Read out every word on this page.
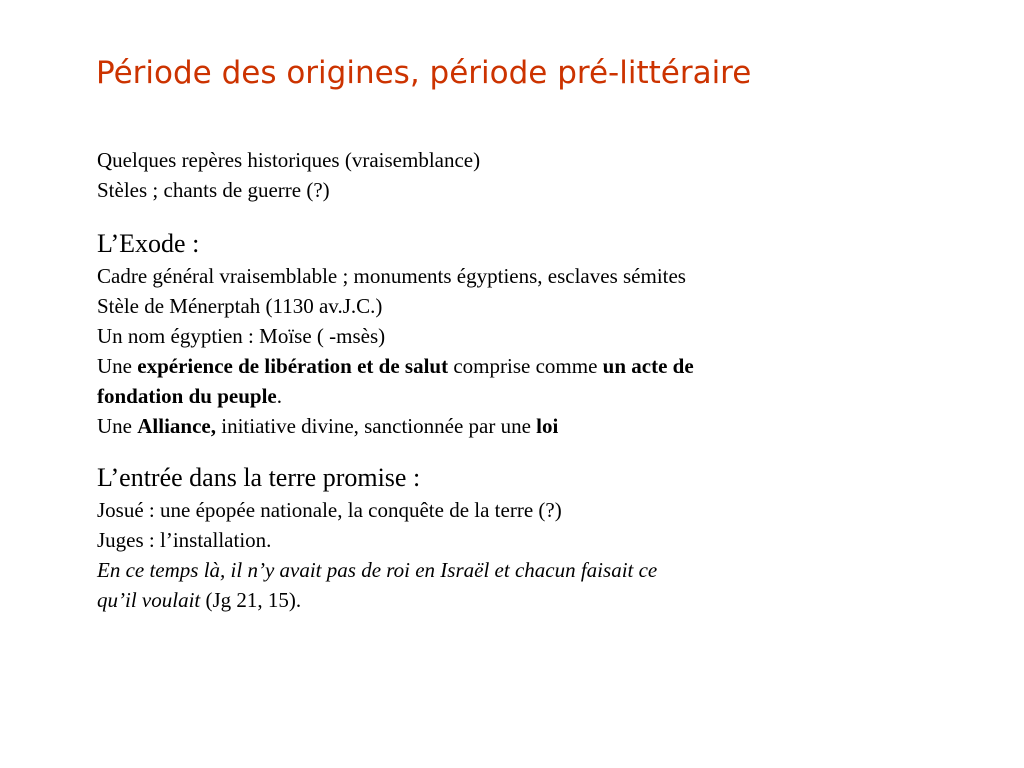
Période des origines, période pré-littéraire
Quelques repères historiques (vraisemblance)
Stèles ; chants de guerre (?)
L’Exode :
Cadre général vraisemblable ; monuments égyptiens, esclaves sémites
Stèle de Ménerptah (1130 av.J.C.)
Un nom égyptien : Moïse ( -msès)
Une expérience de libération et de salut comprise comme un acte de
fondation du peuple.
Une Alliance, initiative divine, sanctionnée par une loi
L’entrée dans la terre promise :
Josué : une épopée nationale, la conquête de la terre (?)
Juges : l’installation.
En ce temps là, il n’y avait pas de roi en Israël et chacun faisait ce
qu’il voulait (Jg 21, 15).
